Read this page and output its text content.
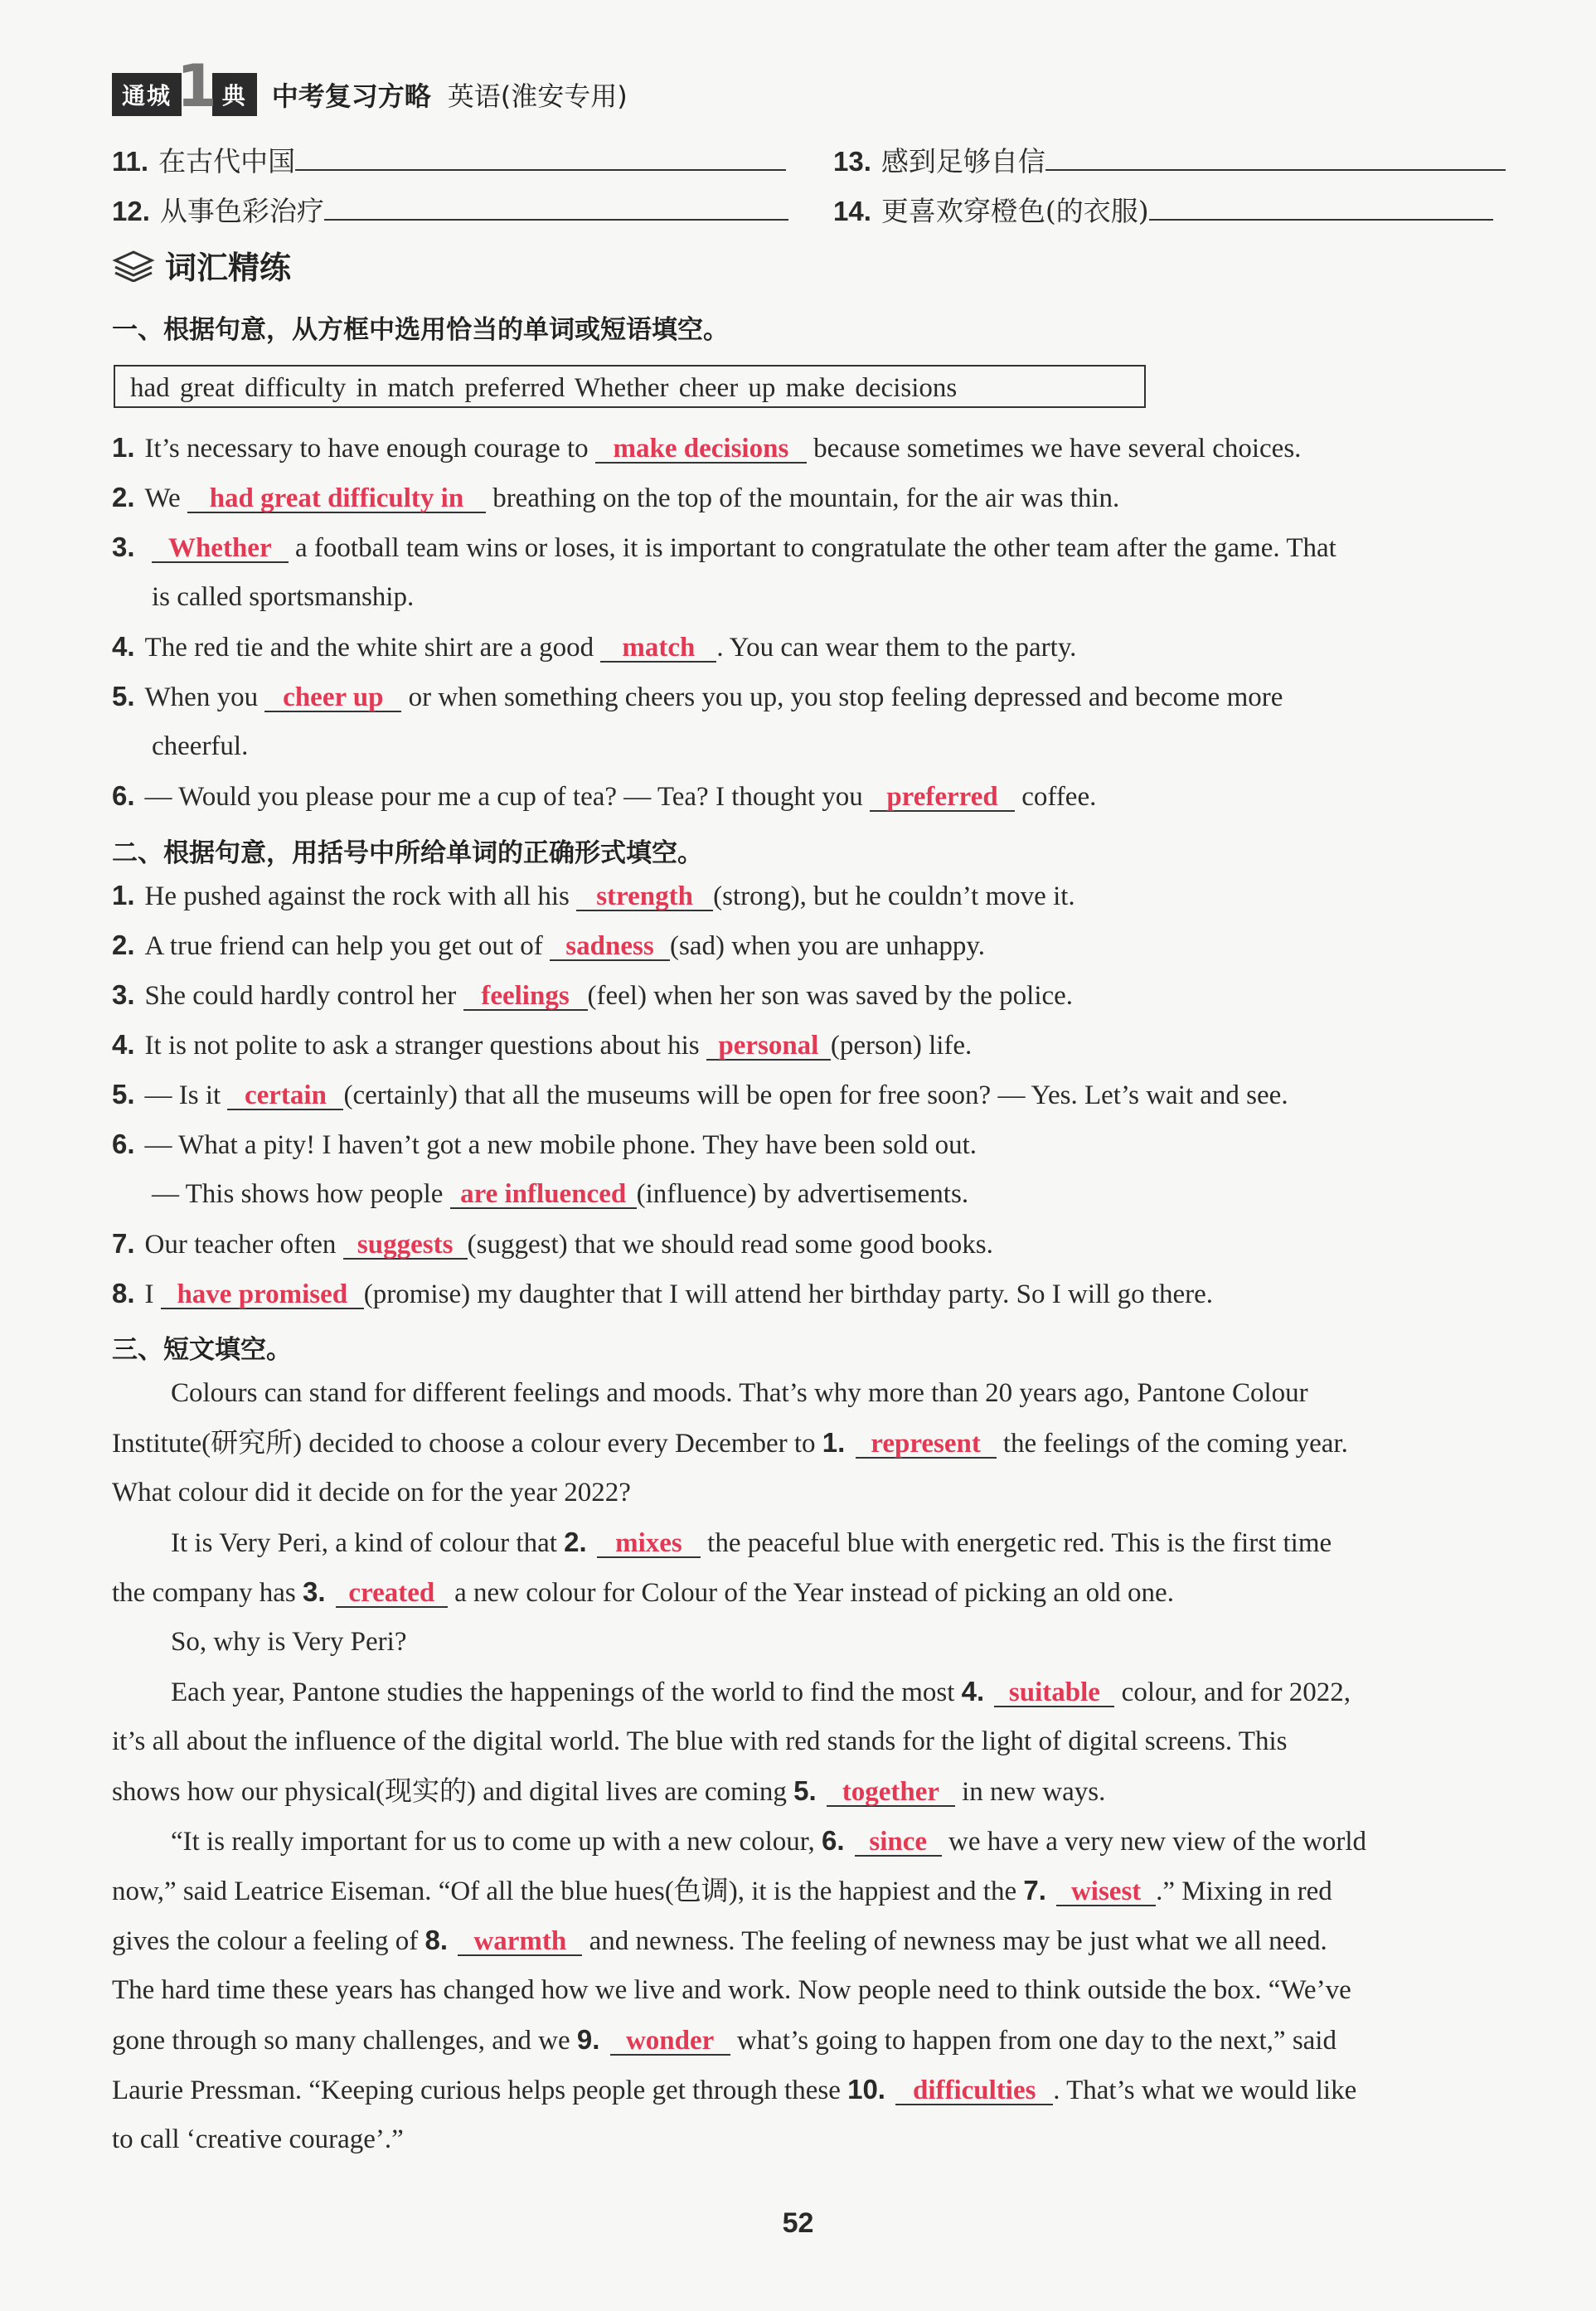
通城 1 典 中考复习方略 英语(淮安专用)
11. 在古代中国
12. 从事色彩治疗
13. 感到足够自信
14. 更喜欢穿橙色(的衣服)
词汇精练
一、根据句意，从方框中选用恰当的单词或短语填空。
had great difficulty in match preferred Whether cheer up make decisions
1. It’s necessary to have enough courage to make decisions because sometimes we have several choices.
2. We had great difficulty in breathing on the top of the mountain, for the air was thin.
3. Whether a football team wins or loses, it is important to congratulate the other team after the game. That
is called sportsmanship.
4. The red tie and the white shirt are a good match . You can wear them to the party.
5. When you cheer up or when something cheers you up, you stop feeling depressed and become more
cheerful.
6. — Would you please pour me a cup of tea? — Tea? I thought you preferred coffee.
二、根据句意，用括号中所给单词的正确形式填空。
1. He pushed against the rock with all his strength (strong), but he couldn’t move it.
2. A true friend can help you get out of sadness (sad) when you are unhappy.
3. She could hardly control her feelings (feel) when her son was saved by the police.
4. It is not polite to ask a stranger questions about his personal (person) life.
5. — Is it certain (certainly) that all the museums will be open for free soon? — Yes. Let’s wait and see.
6. — What a pity! I haven’t got a new mobile phone. They have been sold out.
— This shows how people are influenced (influence) by advertisements.
7. Our teacher often suggests (suggest) that we should read some good books.
8. I have promised (promise) my daughter that I will attend her birthday party. So I will go there.
三、短文填空。
Colours can stand for different feelings and moods. That’s why more than 20 years ago, Pantone Colour
Institute(研究所) decided to choose a colour every December to 1. represent the feelings of the coming year.
What colour did it decide on for the year 2022?
It is Very Peri, a kind of colour that 2. mixes the peaceful blue with energetic red. This is the first time
the company has 3. created a new colour for Colour of the Year instead of picking an old one.
So, why is Very Peri?
Each year, Pantone studies the happenings of the world to find the most 4. suitable colour, and for 2022,
it’s all about the influence of the digital world. The blue with red stands for the light of digital screens. This
shows how our physical(现实的) and digital lives are coming 5. together in new ways.
“It is really important for us to come up with a new colour, 6. since we have a very new view of the world
now,” said Leatrice Eiseman. “Of all the blue hues(色调), it is the happiest and the 7. wisest .” Mixing in red
gives the colour a feeling of 8. warmth and newness. The feeling of newness may be just what we all need.
The hard time these years has changed how we live and work. Now people need to think outside the box. “We’ve
gone through so many challenges, and we 9. wonder what’s going to happen from one day to the next,” said
Laurie Pressman. “Keeping curious helps people get through these 10. difficulties . That’s what we would like
to call ‘creative courage’.”
52
